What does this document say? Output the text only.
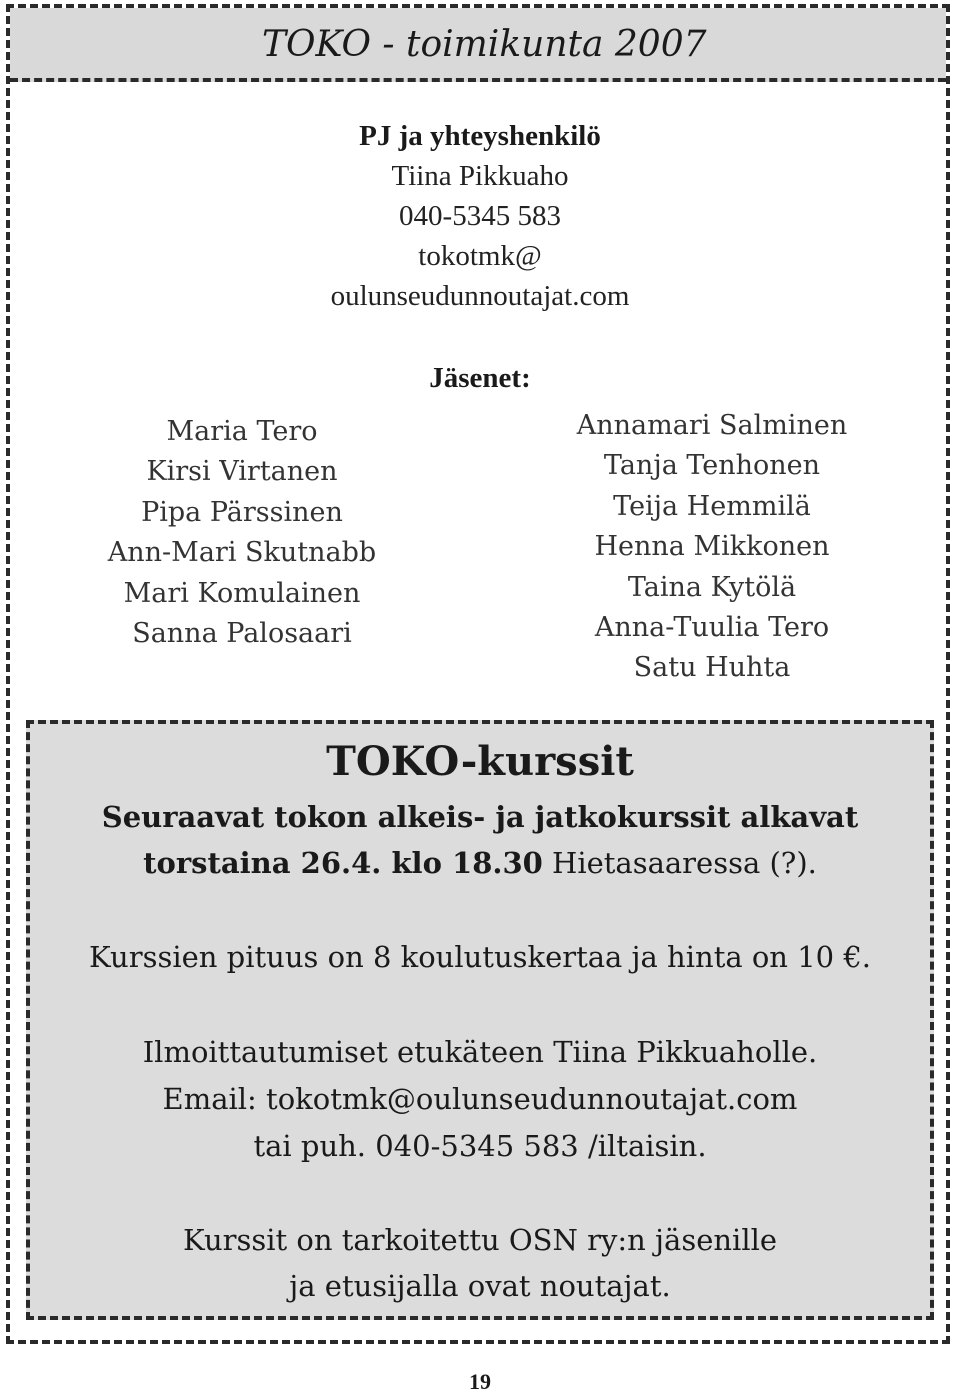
TOKO - toimikunta 2007
PJ ja yhteyshenkilö
Tiina Pikkuaho
040-5345 583
tokotmk@
oulunseudunnoutajat.com
Jäsenet:
Maria Tero
Kirsi Virtanen
Pipa Pärssinen
Ann-Mari Skutnabb
Mari Komulainen
Sanna Palosaari
Annamari Salminen
Tanja Tenhonen
Teija Hemmilä
Henna Mikkonen
Taina Kytölä
Anna-Tuulia Tero
Satu Huhta
TOKO-kurssit
Seuraavat tokon alkeis- ja jatkokurssit alkavat
torstaina 26.4. klo 18.30 Hietasaaressa (?).
Kurssien pituus on 8 koulutuskertaa ja hinta on 10 €.
Ilmoittautumiset etukäteen Tiina Pikkuaholle.
Email: tokotmk@oulunseudunnoutajat.com
tai puh. 040-5345 583 /iltaisin.
Kurssit on tarkoitettu OSN ry:n jäsenille
ja etusijalla ovat noutajat.
19
